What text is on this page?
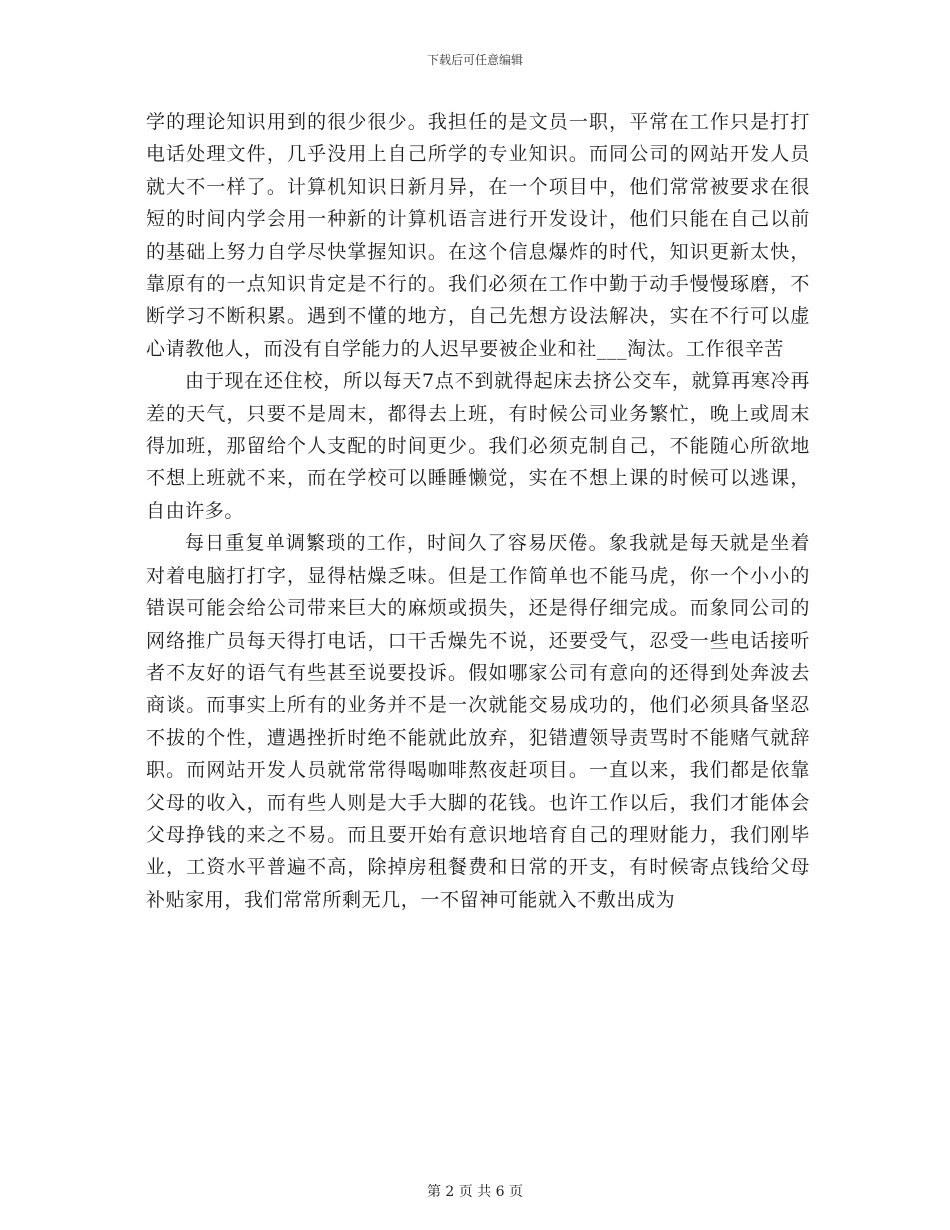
下载后可任意编辑

学的理论知识用到的很少很少。我担任的是文员一职，平常在工作只是打打电话处理文件，几乎没用上自己所学的专业知识。而同公司的网站开发人员就大不一样了。计算机知识日新月异，在一个项目中，他们常常被要求在很短的时间内学会用一种新的计算机语言进行开发设计，他们只能在自己以前的基础上努力自学尽快掌握知识。在这个信息爆炸的时代，知识更新太快，靠原有的一点知识肯定是不行的。我们必须在工作中勤于动手慢慢琢磨，不断学习不断积累。遇到不懂的地方，自己先想方设法解决，实在不行可以虚心请教他人，而没有自学能力的人迟早要被企业和社___淘汰。工作很辛苦

由于现在还住校，所以每天7点不到就得起床去挤公交车，就算再寒冷再差的天气，只要不是周末，都得去上班，有时候公司业务繁忙，晚上或周末得加班，那留给个人支配的时间更少。我们必须克制自己，不能随心所欲地不想上班就不来，而在学校可以睡睡懒觉，实在不想上课的时候可以逃课，自由许多。

每日重复单调繁琐的工作，时间久了容易厌倦。象我就是每天就是坐着对着电脑打打字，显得枯燥乏味。但是工作简单也不能马虎，你一个小小的错误可能会给公司带来巨大的麻烦或损失，还是得仔细完成。而象同公司的网络推广员每天得打电话，口干舌燥先不说，还要受气，忍受一些电话接听者不友好的语气有些甚至说要投诉。假如哪家公司有意向的还得到处奔波去商谈。而事实上所有的业务并不是一次就能交易成功的，他们必须具备坚忍不拔的个性，遭遇挫折时绝不能就此放弃，犯错遭领导责骂时不能赌气就辞职。而网站开发人员就常常得喝咖啡熬夜赶项目。一直以来，我们都是依靠父母的收入，而有些人则是大手大脚的花钱。也许工作以后，我们才能体会父母挣钱的来之不易。而且要开始有意识地培育自己的理财能力，我们刚毕业，工资水平普遍不高，除掉房租餐费和日常的开支，有时候寄点钱给父母补贴家用，我们常常所剩无几，一不留神可能就入不敷出成为

第 2 页 共 6 页
